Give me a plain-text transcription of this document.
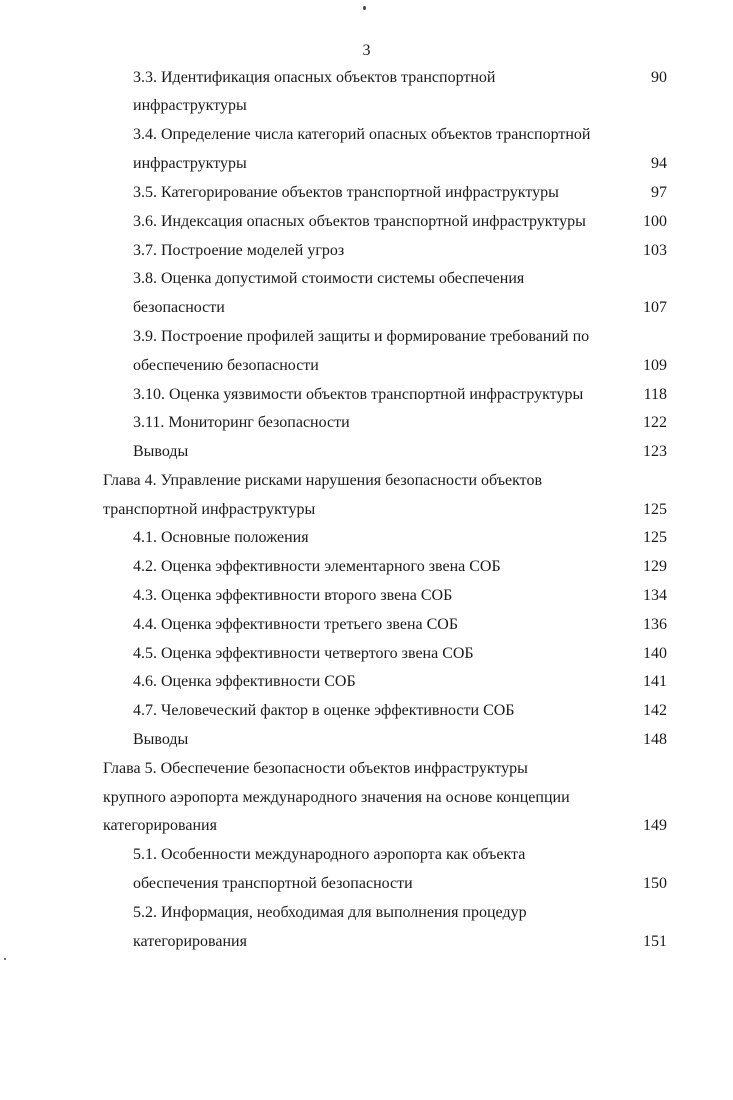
3
3.3. Идентификация опасных объектов транспортной	90
инфраструктуры
3.4. Определение числа категорий опасных объектов транспортной
инфраструктуры	94
3.5. Категорирование объектов транспортной инфраструктуры	97
3.6. Индексация опасных объектов транспортной инфраструктуры	100
3.7. Построение моделей угроз	103
3.8. Оценка допустимой стоимости системы обеспечения
безопасности	107
3.9. Построение профилей защиты и формирование требований по
обеспечению безопасности	109
3.10. Оценка уязвимости объектов транспортной инфраструктуры	118
3.11. Мониторинг безопасности	122
Выводы	123
Глава 4. Управление рисками нарушения безопасности объектов
транспортной инфраструктуры	125
4.1. Основные положения	125
4.2. Оценка эффективности элементарного звена СОБ	129
4.3. Оценка эффективности второго звена СОБ	134
4.4. Оценка эффективности третьего звена СОБ	136
4.5. Оценка эффективности четвертого звена СОБ	140
4.6. Оценка эффективности СОБ	141
4.7. Человеческий фактор в оценке эффективности СОБ	142
Выводы	148
Глава 5. Обеспечение безопасности объектов инфраструктуры
крупного аэропорта международного значения на основе концепции
категорирования	149
5.1. Особенности международного аэропорта как объекта
обеспечения транспортной безопасности	150
5.2. Информация, необходимая для выполнения процедур
категорирования	151
